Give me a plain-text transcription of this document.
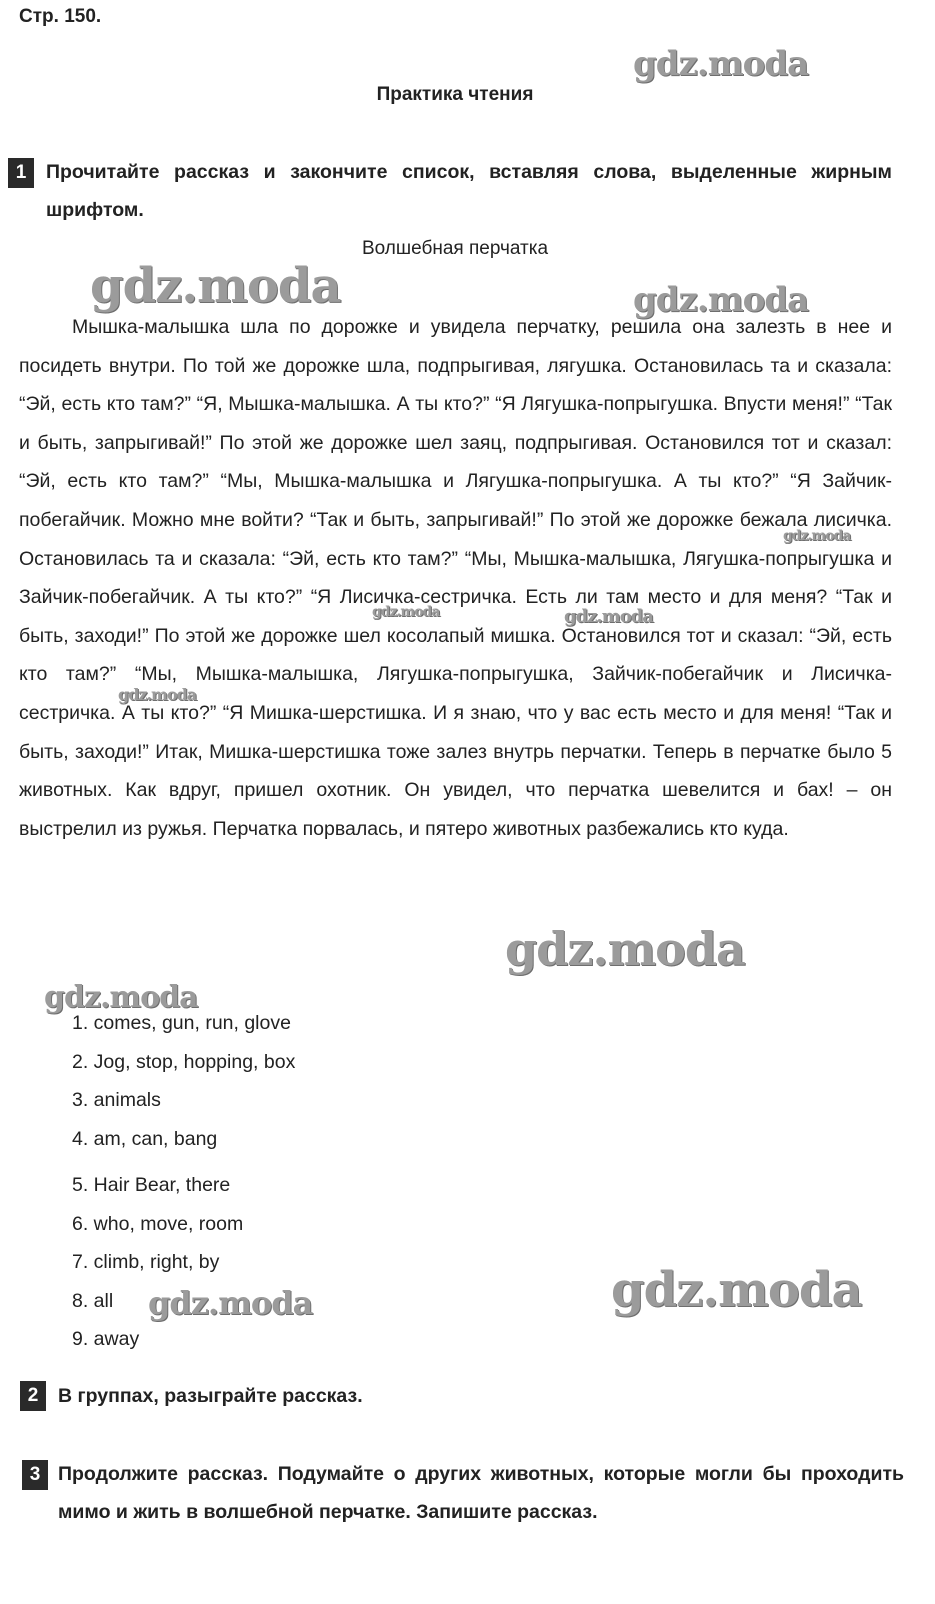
Стр. 150.
Практика чтения
1	Прочитайте рассказ и закончите список, вставляя слова, выделенные жирным шрифтом.
Волшебная перчатка

Мышка-малышка шла по дорожке и увидела перчатку, решила она залезть в нее и посидеть внутри. По той же дорожке шла, подпрыгивая, лягушка. Остановилась та и сказала: “Эй, есть кто там?” “Я, Мышка-малышка. А ты кто?” “Я Лягушка-попрыгушка. Впусти меня!” “Так и быть, запрыгивай!” По этой же дорожке шел заяц, подпрыгивая. Остановился тот и сказал: “Эй, есть кто там?” “Мы, Мышка-малышка и Лягушка-попрыгушка. А ты кто?” “Я Зайчик-побегайчик. Можно мне войти? “Так и быть, запрыгивай!” По этой же дорожке бежала лисичка. Остановилась та и сказала: “Эй, есть кто там?” “Мы, Мышка-малышка, Лягушка-попрыгушка и Зайчик-побегайчик. А ты кто?” “Я Лисичка-сестричка. Есть ли там место и для меня? “Так и быть, заходи!” По этой же дорожке шел косолапый мишка. Остановился тот и сказал: “Эй, есть кто там?” “Мы, Мышка-малышка, Лягушка-попрыгушка, Зайчик-побегайчик и Лисичка-сестричка. А ты кто?” “Я Мишка-шерстишка. И я знаю, что у вас есть место и для меня! “Так и быть, заходи!” Итак, Мишка-шерстишка тоже залез внутрь перчатки. Теперь в перчатке было 5 животных. Как вдруг, пришел охотник. Он увидел, что перчатка шевелится и бах! – он выстрелил из ружья. Перчатка порвалась, и пятеро животных разбежались кто куда.

1. comes, gun, run, glove
2. Jog, stop, hopping, box
3. animals
4. am, can, bang
5. Hair Bear, there
6. who, move, room
7. climb, right, by
8. all
9. away
2	В группах, разыграйте рассказ.
3 Продолжите рассказ. Подумайте о других животных, которые могли бы проходить мимо и жить в волшебной перчатке. Запишите рассказ.
gdz.moda
gdz.moda	gdz.moda
gdz.moda
gdz.moda	gdz.moda
gdz.moda
gdz.moda
gdz.moda
gdz.moda
gdz.moda
